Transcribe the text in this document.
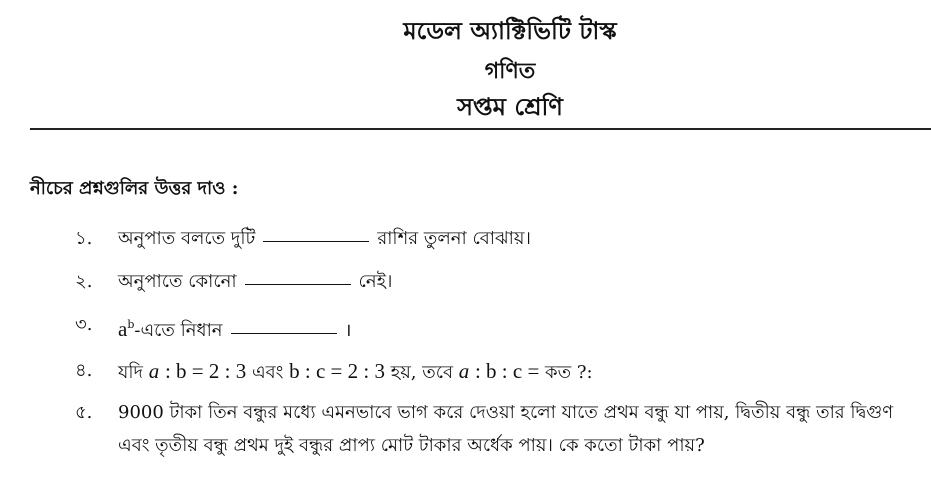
মডেল অ্যাক্টিভিটি টাস্ক
গণিত
সপ্তম শ্রেণি
নীচের প্রশ্নগুলির উত্তর দাও :
১. অনুপাত বলতে দুটি	রাশির তুলনা বোঝায়।
২. অনুপাতে কোনো	নেই।
৩. $a^b-এতে$ নিধান	।
৪. যদি a : b = 2 : 3 এবং b : c = 2 : 3 হয়, তবে a : b : c = কত ?:
৫. 9000 টাকা তিন বন্ধুর মধ্যে এমনভাবে ভাগ করে দেওয়া হলো যাতে প্রথম বন্ধু যা পায়, দ্বিতীয় বন্ধু তার দ্বিগুণ
এবং তৃতীয় বন্ধু প্রথম দুই বন্ধুর প্রাপ্য মোট টাকার অর্ধেক পায়। কে কতো টাকা পায়?
